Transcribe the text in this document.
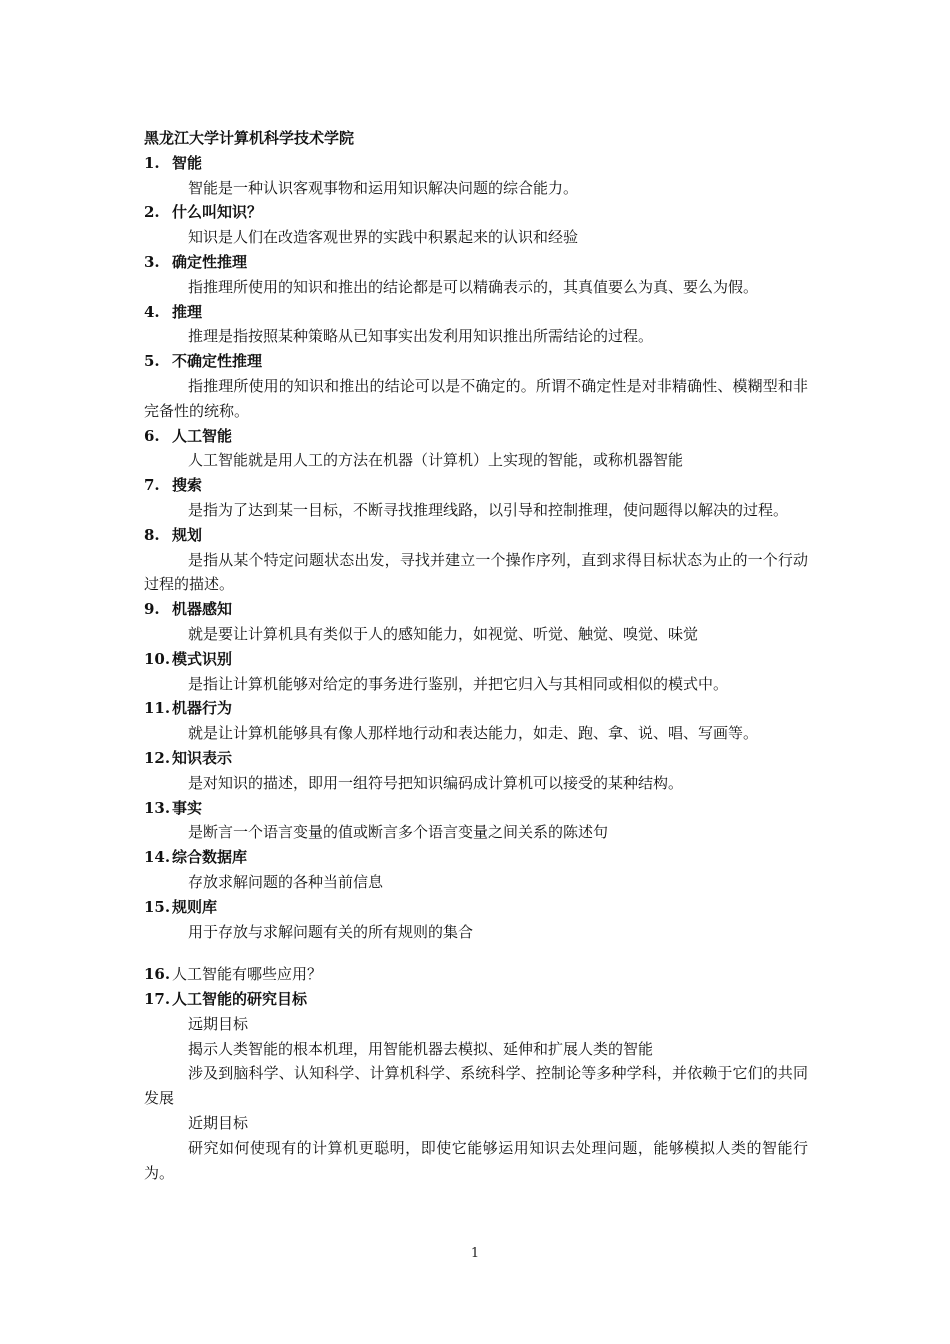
黑龙江大学计算机科学技术学院
1. 智能

智能是一种认识客观事物和运用知识解决问题的综合能力。

2. 什么叫知识？

知识是人们在改造客观世界的实践中积累起来的认识和经验

3. 确定性推理

指推理所使用的知识和推出的结论都是可以精确表示的，其真值要么为真、要么为假。

4. 推理

推理是指按照某种策略从已知事实出发利用知识推出所需结论的过程。

5. 不确定性推理

指推理所使用的知识和推出的结论可以是不确定的。所谓不确定性是对非精确性、模糊型和非完备性的统称。

6. 人工智能

人工智能就是用人工的方法在机器（计算机）上实现的智能，或称机器智能

7. 搜索

是指为了达到某一目标，不断寻找推理线路，以引导和控制推理，使问题得以解决的过程。

8. 规划

是指从某个特定问题状态出发，寻找并建立一个操作序列，直到求得目标状态为止的一个行动过程的描述。

9. 机器感知

就是要让计算机具有类似于人的感知能力，如视觉、听觉、触觉、嗅觉、味觉

10. 模式识别

是指让计算机能够对给定的事务进行鉴别，并把它归入与其相同或相似的模式中。

11. 机器行为

就是让计算机能够具有像人那样地行动和表达能力，如走、跑、拿、说、唱、写画等。

12. 知识表示

是对知识的描述，即用一组符号把知识编码成计算机可以接受的某种结构。

13. 事实

是断言一个语言变量的值或断言多个语言变量之间关系的陈述句

14. 综合数据库

存放求解问题的各种当前信息

15. 规则库

用于存放与求解问题有关的所有规则的集合

16. 人工智能有哪些应用？
17. 人工智能的研究目标

远期目标

揭示人类智能的根本机理，用智能机器去模拟、延伸和扩展人类的智能

涉及到脑科学、认知科学、计算机科学、系统科学、控制论等多种学科，并依赖于它们的共同发展

近期目标

研究如何使现有的计算机更聪明，即使它能够运用知识去处理问题，能够模拟人类的智能行为。

1
